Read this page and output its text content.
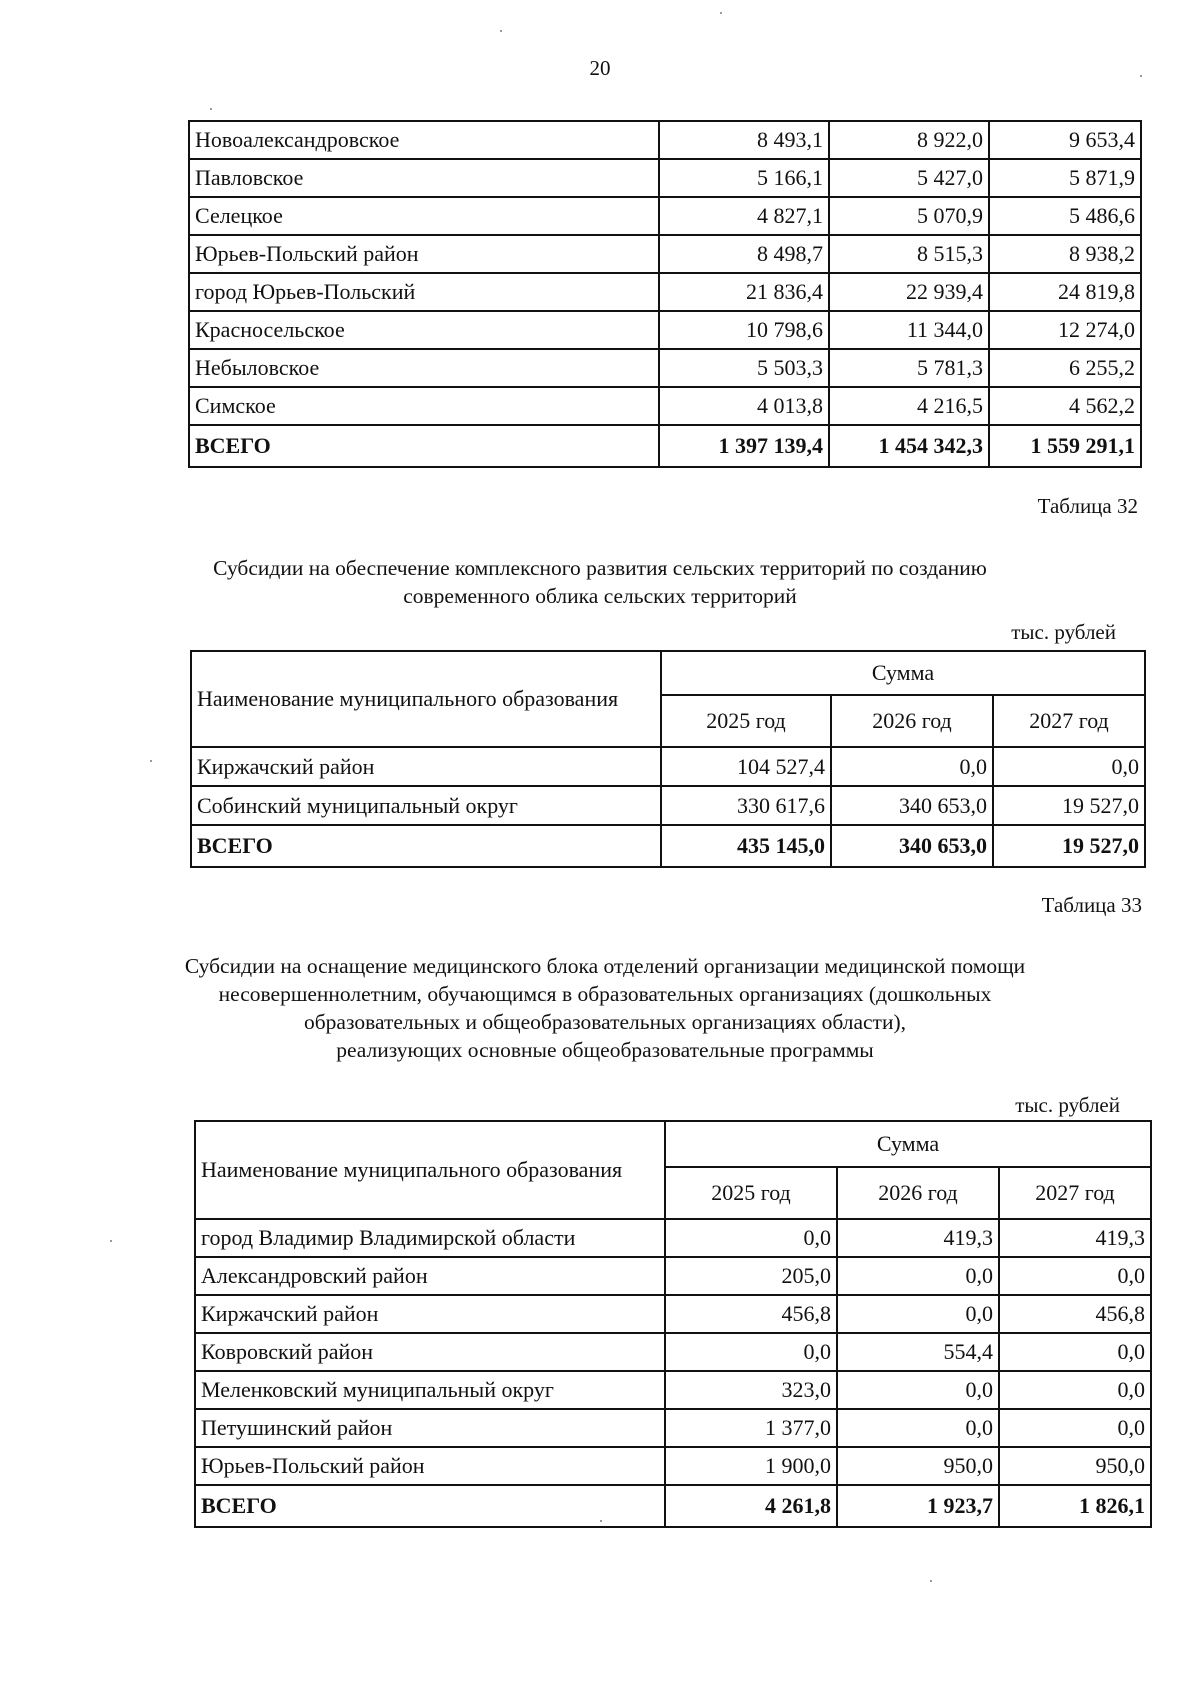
20
Новоалександровское	8 493,1	8 922,0	9 653,4
Павловское	5 166,1	5 427,0	5 871,9
Селецкое	4 827,1	5 070,9	5 486,6
Юрьев-Польский район	8 498,7	8 515,3	8 938,2
город Юрьев-Польский	21 836,4	22 939,4	24 819,8
Красносельское	10 798,6	11 344,0	12 274,0
Небыловское	5 503,3	5 781,3	6 255,2
Симское	4 013,8	4 216,5	4 562,2
ВСЕГО	1 397 139,4	1 454 342,3	1 559 291,1
Таблица 32
Субсидии на обеспечение комплексного развития сельских территорий по созданию
современного облика сельских территорий
тыс. рублей
Наименование муниципального образования	Сумма		
	2025 год	2026 год	2027 год
Киржачский район	104 527,4	0,0	0,0
Собинский муниципальный округ	330 617,6	340 653,0	19 527,0
ВСЕГО	435 145,0	340 653,0	19 527,0
Таблица 33
Субсидии на оснащение медицинского блока отделений организации медицинской помощи
несовершеннолетним, обучающимся в образовательных организациях (дошкольных
образовательных и общеобразовательных организациях области),
реализующих основные общеобразовательные программы
тыс. рублей
Наименование муниципального образования	Сумма		
	2025 год	2026 год	2027 год
город Владимир Владимирской области	0,0	419,3	419,3
Александровский район	205,0	0,0	0,0
Киржачский район	456,8	0,0	456,8
Ковровский район	0,0	554,4	0,0
Меленковский муниципальный округ	323,0	0,0	0,0
Петушинский район	1 377,0	0,0	0,0
Юрьев-Польский район	1 900,0	950,0	950,0
ВСЕГО	4 261,8	1 923,7	1 826,1
